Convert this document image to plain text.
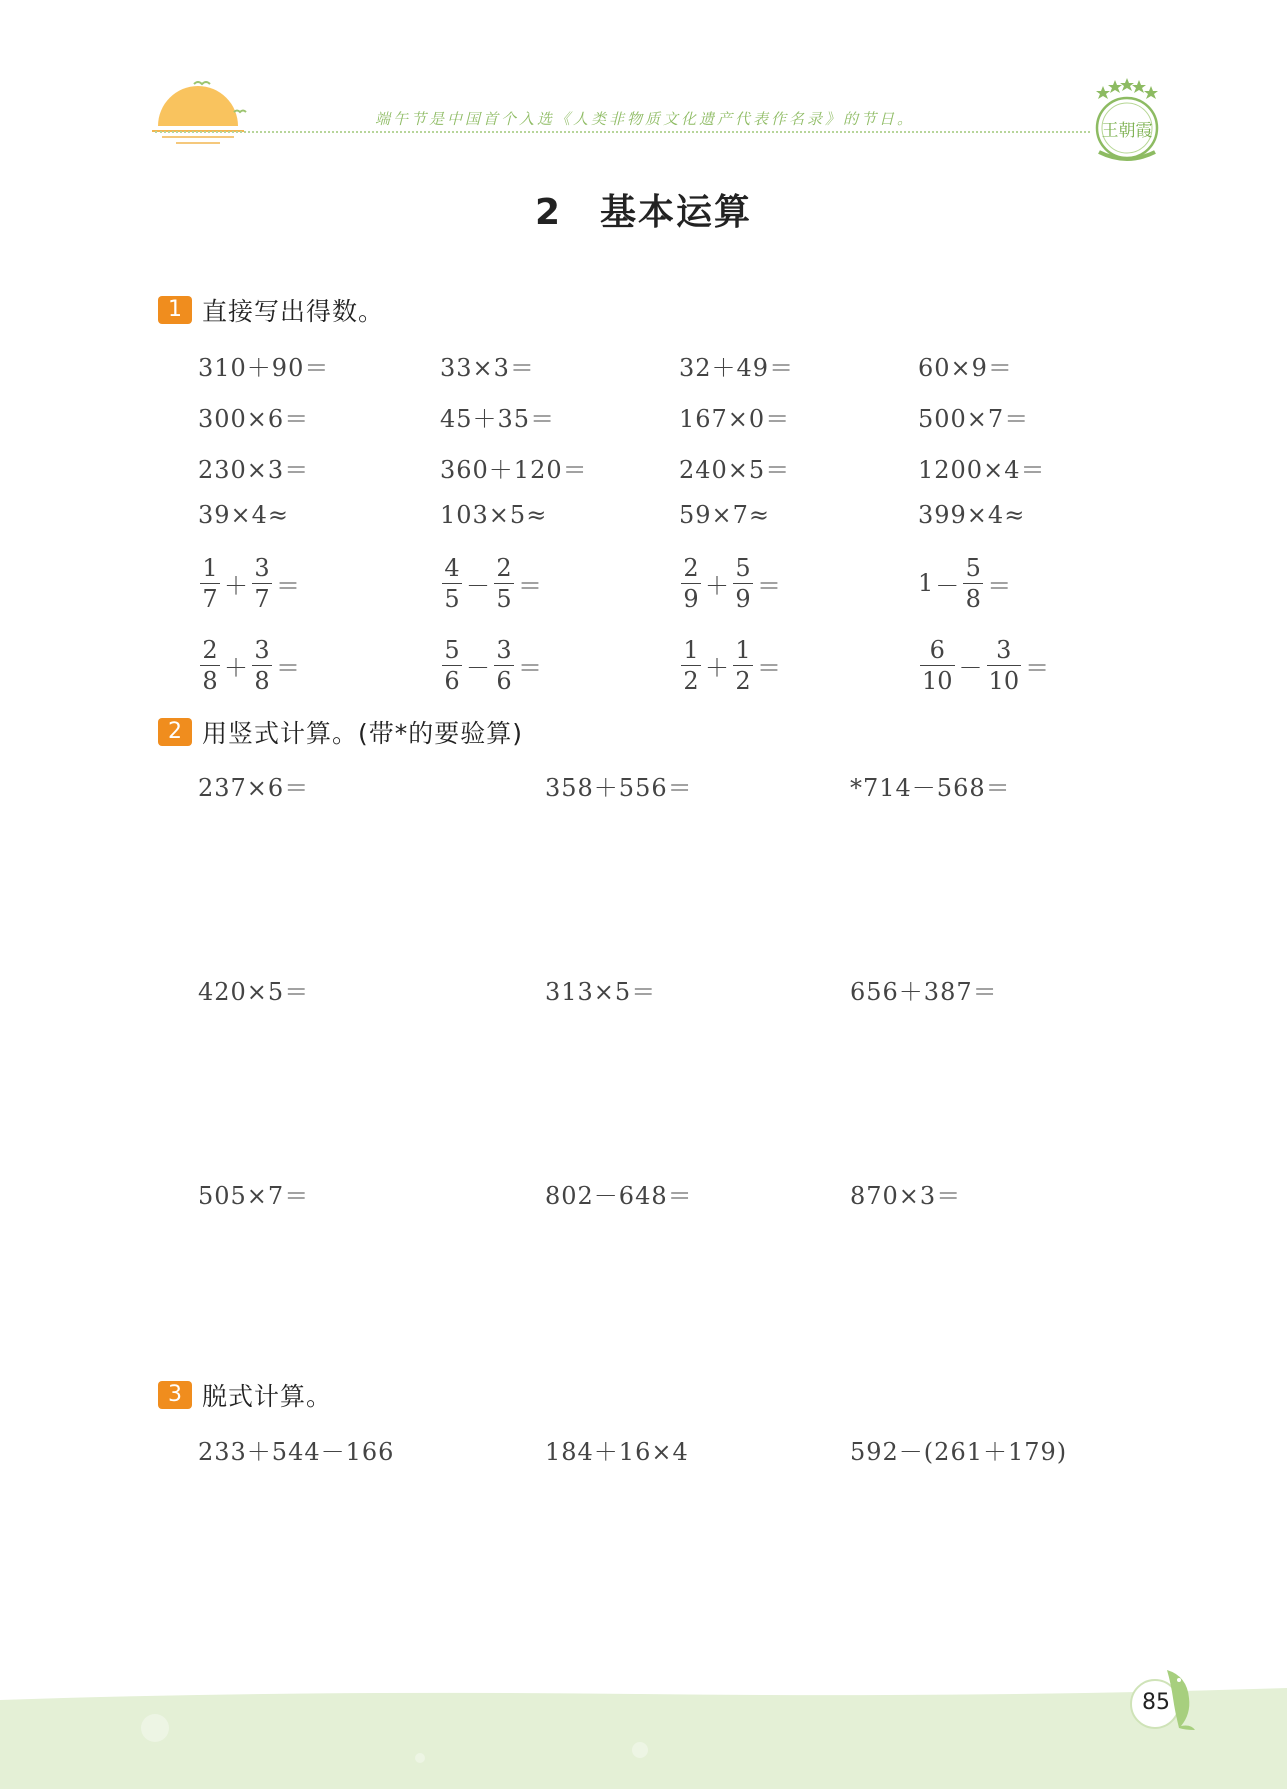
端午节是中国首个入选《人类非物质文化遗产代表作名录》的节日。
王朝霞
2　基本运算
1 直接写出得数。
310＋90＝	33×3＝	32＋49＝	60×9＝
300×6＝	45＋35＝	167×0＝	500×7＝
230×3＝	360＋120＝	240×5＝	1200×4＝
39×4≈	103×5≈	59×7≈	399×4≈
$\frac{1}{7} + \frac{3}{7}$ ＝	$\frac{4}{5} - \frac{2}{5}$ ＝	$\frac{2}{9} + \frac{5}{9}$ ＝	$1 - \frac{5}{8}$ ＝
$\frac{2}{8} + \frac{3}{8}$ ＝	$\frac{5}{6} - \frac{3}{6}$ ＝	$\frac{1}{2} + \frac{1}{2}$ ＝	$\frac{6}{10} - \frac{3}{10}$ ＝
2 用竖式计算。(带*的要验算)
237×6＝	358＋556＝	*714－568＝
420×5＝	313×5＝	656＋387＝
505×7＝	802－648＝	870×3＝
3 脱式计算。
233＋544－166	184＋16×4	592－(261＋179)
85
